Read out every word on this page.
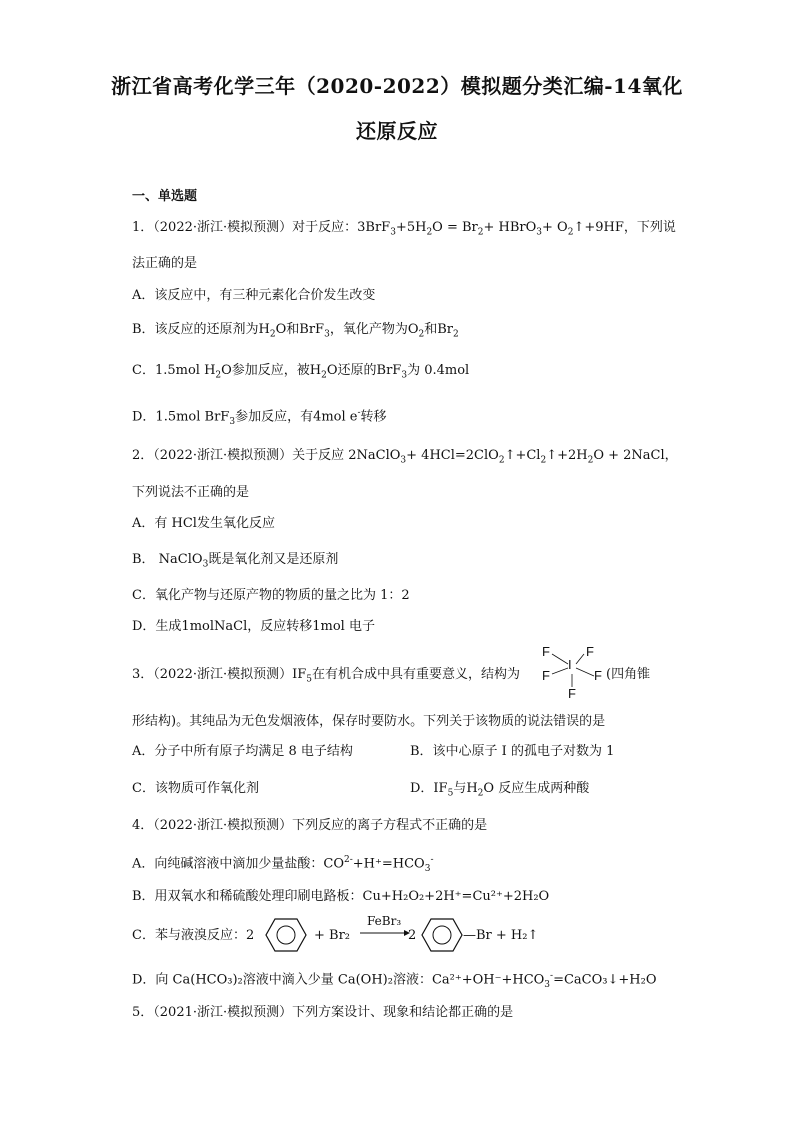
浙江省高考化学三年（2020-2022）模拟题分类汇编-14氧化
还原反应
一、单选题
1．（2022·浙江·模拟预测）对于反应：$3BrF_3+5H_2O = Br_2+$ HBrO$_3$+ $O_2↑+9HF$，下列说
法正确的是
A．该反应中，有三种元素化合价发生改变
B．该反应的还原剂为$H_2O$和BrF$_3$，氧化产物为$O_2$和$Br_2$
C．1.5mol $H_2O$参加反应，被$H_2O$还原的BrF$_3$为 0.4mol
D．1.5mol BrF$_3$参加反应，有4mol e-转移
2．（2022·浙江·模拟预测）关于反应 2NaClO$_3$+ $4HCl=2ClO_2↑+Cl_2↑+2H_2O$ + 2NaCl，
下列说法不正确的是
A．有 HCl发生氧化反应
B． NaClO$_3$既是氧化剂又是还原剂
C．氧化产物与还原产物的物质的量之比为 1：2
D．生成1molNaCl，反应转移1mol 电子
3．（2022·浙江·模拟预测）$IF_5$在有机合成中具有重要意义，结构为
F	F
I
F	F
F
(四角锥
形结构)。其纯品为无色发烟液体，保存时要防水。下列关于该物质的说法错误的是
A．分子中所有原子均满足 8 电子结构	B．该中心原子 I 的孤电子对数为 1
C．该物质可作氧化剂	D．$IF_5$与$H_2O$ 反应生成两种酸
4．（2022·浙江·模拟预测）下列反应的离子方程式不正确的是
A．向纯碱溶液中滴加少量盐酸：$CO^{2-}+H^+=HCO_3^-$
B．用双氧水和稀硫酸处理印刷电路板：Cu+H₂O₂+2H⁺=Cu²⁺+2H₂O
C．苯与液溴反应：2	+ Br₂
FeBr₃
2	—Br + H₂↑
D．向 Ca(HCO₃)₂溶液中滴入少量 Ca(OH)₂溶液：$Ca^{2+}+OH^-+HCO_3^-=CaCO_3↓+H_2O$
5．（2021·浙江·模拟预测）下列方案设计、现象和结论都正确的是
